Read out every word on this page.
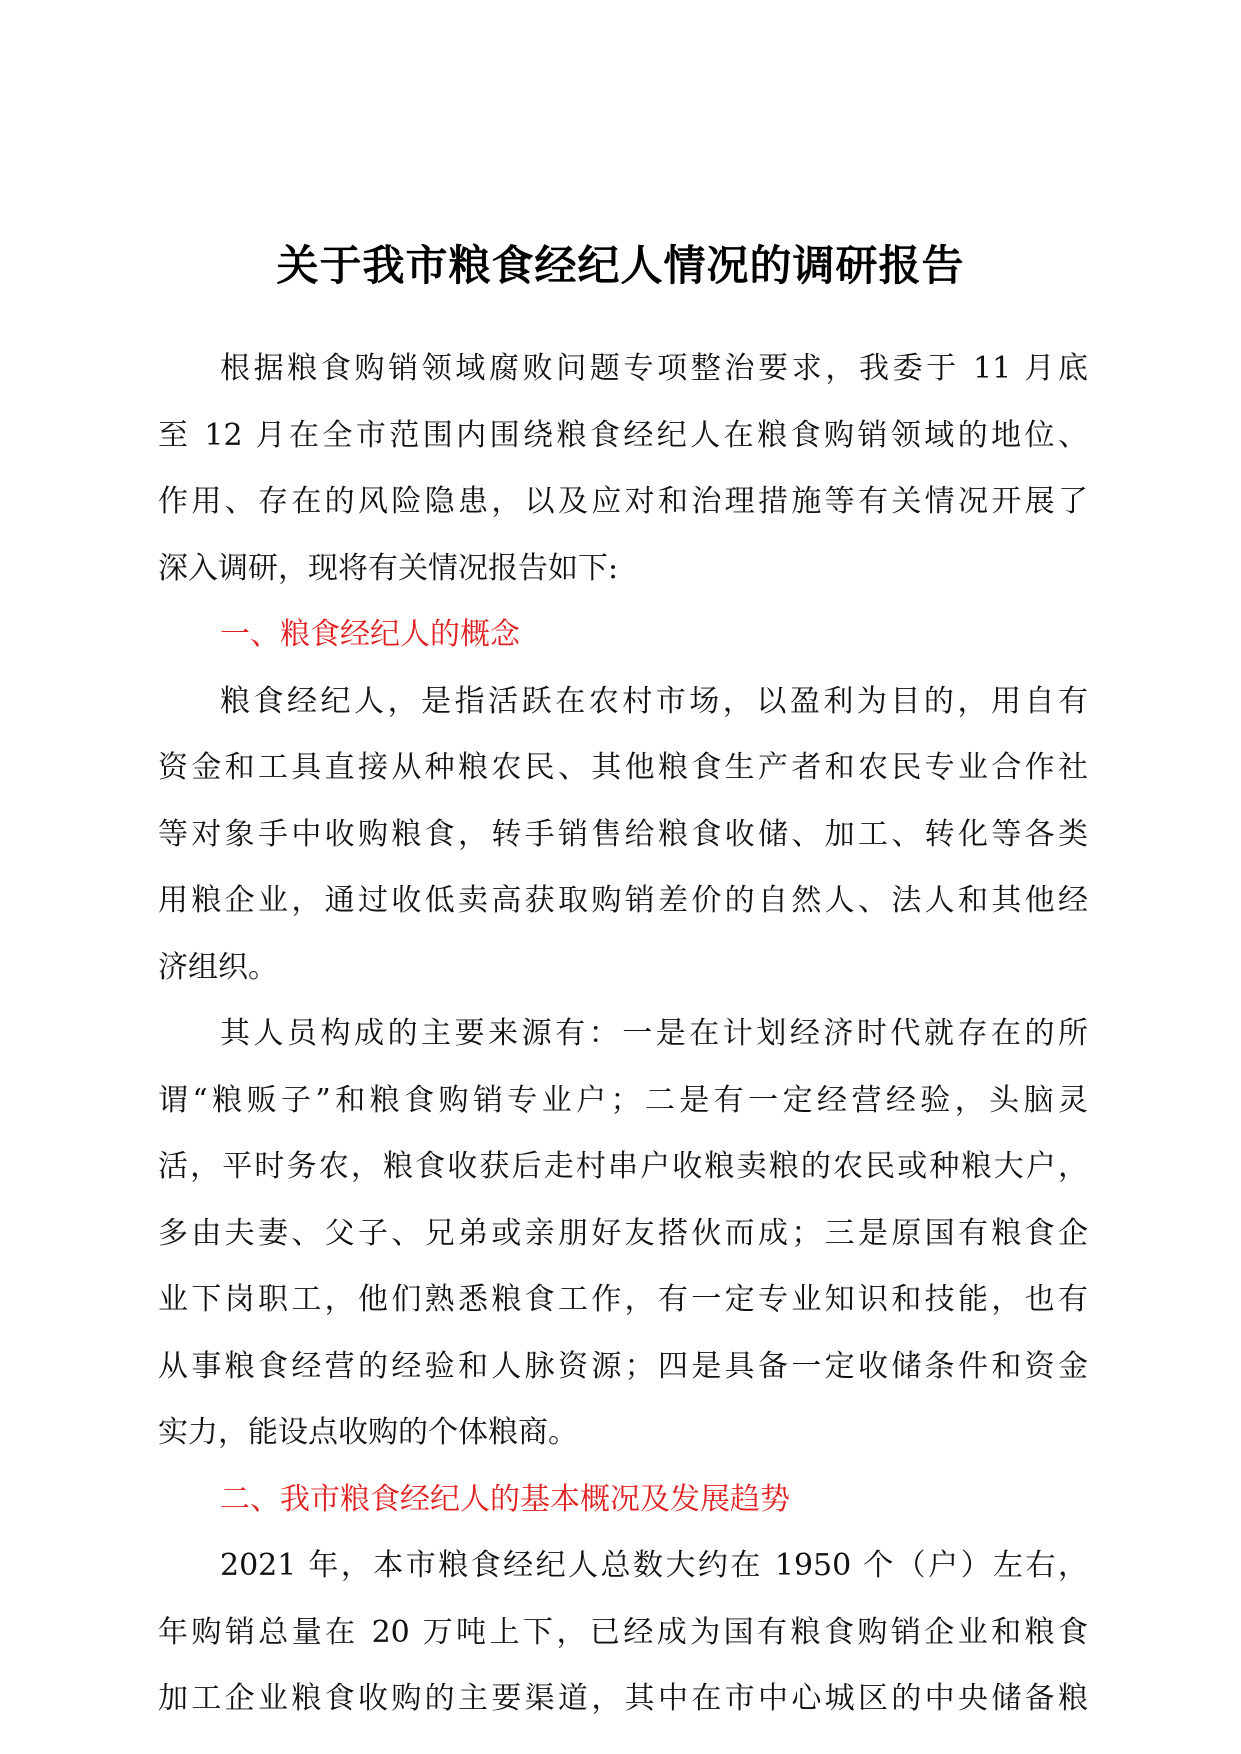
关于我市粮食经纪人情况的调研报告
根据粮食购销领域腐败问题专项整治要求，我委于 11 月底
至 12 月在全市范围内围绕粮食经纪人在粮食购销领域的地位、
作用、存在的风险隐患，以及应对和治理措施等有关情况开展了
深入调研，现将有关情况报告如下:
一、粮食经纪人的概念
粮食经纪人，是指活跃在农村市场，以盈利为目的，用自有
资金和工具直接从种粮农民、其他粮食生产者和农民专业合作社
等对象手中收购粮食，转手销售给粮食收储、加工、转化等各类
用粮企业，通过收低卖高获取购销差价的自然人、法人和其他经
济组织。
其人员构成的主要来源有：一是在计划经济时代就存在的所
谓“粮贩子”和粮食购销专业户；二是有一定经营经验，头脑灵
活，平时务农，粮食收获后走村串户收粮卖粮的农民或种粮大户，
多由夫妻、父子、兄弟或亲朋好友搭伙而成；三是原国有粮食企
业下岗职工，他们熟悉粮食工作，有一定专业知识和技能，也有
从事粮食经营的经验和人脉资源；四是具备一定收储条件和资金
实力，能设点收购的个体粮商。
二、我市粮食经纪人的基本概况及发展趋势
2021 年，本市粮食经纪人总数大约在 1950 个（户）左右，
年购销总量在 20 万吨上下，已经成为国有粮食购销企业和粮食
加工企业粮食收购的主要渠道，其中在市中心城区的中央储备粮
